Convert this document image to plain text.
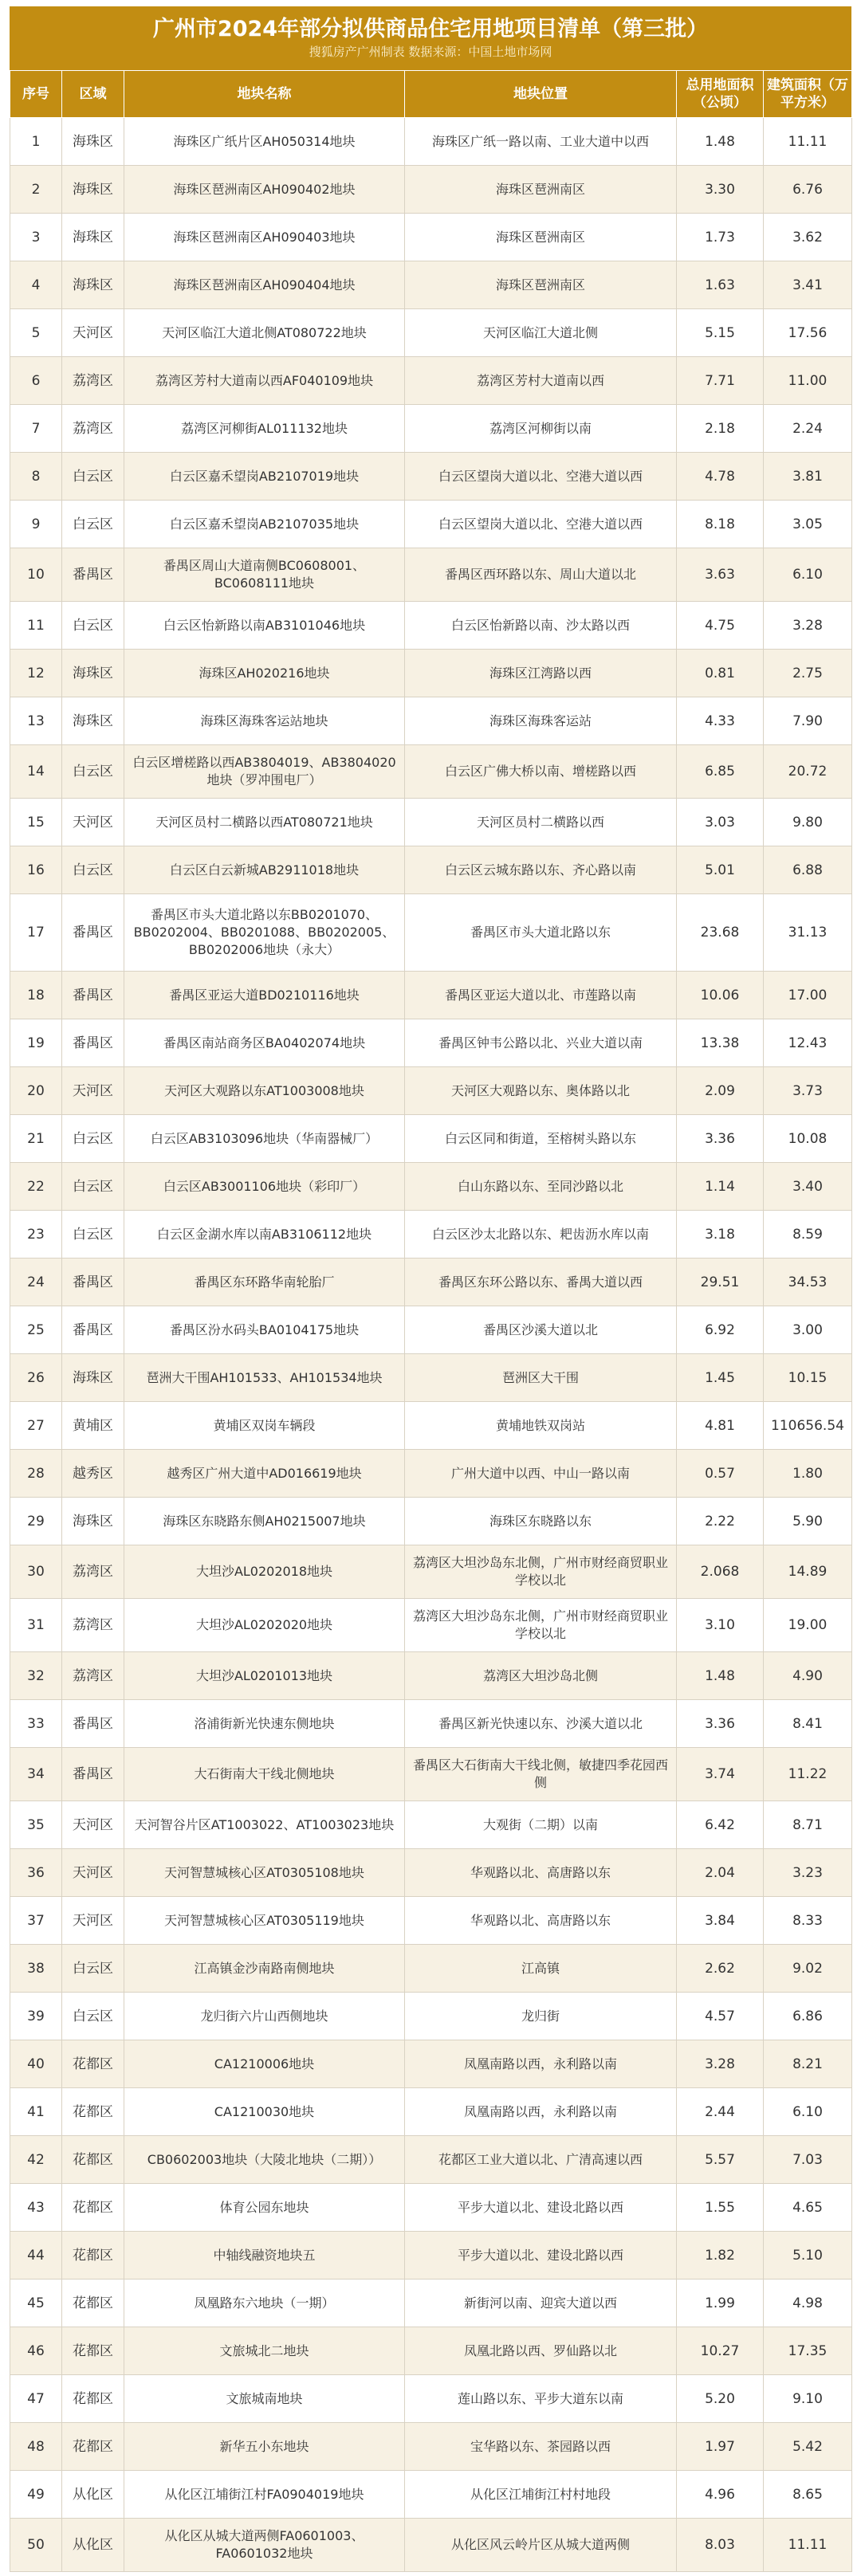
广州市2024年部分拟供商品住宅用地项目清单（第三批）
搜狐房产广州制表 数据来源：中国土地市场网
序号	区域	地块名称	地块位置	总用地面积（公顷）	建筑面积（万平方米）
1	海珠区	海珠区广纸片区AH050314地块	海珠区广纸一路以南、工业大道中以西	1.48	11.11
2	海珠区	海珠区琶洲南区AH090402地块	海珠区琶洲南区	3.30	6.76
3	海珠区	海珠区琶洲南区AH090403地块	海珠区琶洲南区	1.73	3.62
4	海珠区	海珠区琶洲南区AH090404地块	海珠区琶洲南区	1.63	3.41
5	天河区	天河区临江大道北侧AT080722地块	天河区临江大道北侧	5.15	17.56
6	荔湾区	荔湾区芳村大道南以西AF040109地块	荔湾区芳村大道南以西	7.71	11.00
7	荔湾区	荔湾区河柳街AL011132地块	荔湾区河柳街以南	2.18	2.24
8	白云区	白云区嘉禾望岗AB2107019地块	白云区望岗大道以北、空港大道以西	4.78	3.81
9	白云区	白云区嘉禾望岗AB2107035地块	白云区望岗大道以北、空港大道以西	8.18	3.05
10	番禺区	番禺区周山大道南侧BC0608001、BC0608111地块	番禺区西环路以东、周山大道以北	3.63	6.10
11	白云区	白云区怡新路以南AB3101046地块	白云区怡新路以南、沙太路以西	4.75	3.28
12	海珠区	海珠区AH020216地块	海珠区江湾路以西	0.81	2.75
13	海珠区	海珠区海珠客运站地块	海珠区海珠客运站	4.33	7.90
14	白云区	白云区增槎路以西AB3804019、AB3804020地块（罗冲围电厂）	白云区广佛大桥以南、增槎路以西	6.85	20.72
15	天河区	天河区员村二横路以西AT080721地块	天河区员村二横路以西	3.03	9.80
16	白云区	白云区白云新城AB2911018地块	白云区云城东路以东、齐心路以南	5.01	6.88
17	番禺区	番禺区市头大道北路以东BB0201070、BB0202004、BB0201088、BB0202005、BB0202006地块（永大）	番禺区市头大道北路以东	23.68	31.13
18	番禺区	番禺区亚运大道BD0210116地块	番禺区亚运大道以北、市莲路以南	10.06	17.00
19	番禺区	番禺区南站商务区BA0402074地块	番禺区钟韦公路以北、兴业大道以南	13.38	12.43
20	天河区	天河区大观路以东AT1003008地块	天河区大观路以东、奥体路以北	2.09	3.73
21	白云区	白云区AB3103096地块（华南器械厂）	白云区同和街道，至榕树头路以东	3.36	10.08
22	白云区	白云区AB3001106地块（彩印厂）	白山东路以东、至同沙路以北	1.14	3.40
23	白云区	白云区金湖水库以南AB3106112地块	白云区沙太北路以东、耙齿沥水库以南	3.18	8.59
24	番禺区	番禺区东环路华南轮胎厂	番禺区东环公路以东、番禺大道以西	29.51	34.53
25	番禺区	番禺区汾水码头BA0104175地块	番禺区沙溪大道以北	6.92	3.00
26	海珠区	琶洲大干围AH101533、AH101534地块	琶洲区大干围	1.45	10.15
27	黄埔区	黄埔区双岗车辆段	黄埔地铁双岗站	4.81	110656.54
28	越秀区	越秀区广州大道中AD016619地块	广州大道中以西、中山一路以南	0.57	1.80
29	海珠区	海珠区东晓路东侧AH0215007地块	海珠区东晓路以东	2.22	5.90
30	荔湾区	大坦沙AL0202018地块	荔湾区大坦沙岛东北侧，广州市财经商贸职业学校以北	2.068	14.89
31	荔湾区	大坦沙AL0202020地块	荔湾区大坦沙岛东北侧，广州市财经商贸职业学校以北	3.10	19.00
32	荔湾区	大坦沙AL0201013地块	荔湾区大坦沙岛北侧	1.48	4.90
33	番禺区	洛浦街新光快速东侧地块	番禺区新光快速以东、沙溪大道以北	3.36	8.41
34	番禺区	大石街南大干线北侧地块	番禺区大石街南大干线北侧，敏捷四季花园西侧	3.74	11.22
35	天河区	天河智谷片区AT1003022、AT1003023地块	大观街（二期）以南	6.42	8.71
36	天河区	天河智慧城核心区AT0305108地块	华观路以北、高唐路以东	2.04	3.23
37	天河区	天河智慧城核心区AT0305119地块	华观路以北、高唐路以东	3.84	8.33
38	白云区	江高镇金沙南路南侧地块	江高镇	2.62	9.02
39	白云区	龙归街六片山西侧地块	龙归街	4.57	6.86
40	花都区	CA1210006地块	凤凰南路以西，永利路以南	3.28	8.21
41	花都区	CA1210030地块	凤凰南路以西，永利路以南	2.44	6.10
42	花都区	CB0602003地块（大陵北地块（二期））	花都区工业大道以北、广清高速以西	5.57	7.03
43	花都区	体育公园东地块	平步大道以北、建设北路以西	1.55	4.65
44	花都区	中轴线融资地块五	平步大道以北、建设北路以西	1.82	5.10
45	花都区	凤凰路东六地块（一期）	新街河以南、迎宾大道以西	1.99	4.98
46	花都区	文旅城北二地块	凤凰北路以西、罗仙路以北	10.27	17.35
47	花都区	文旅城南地块	莲山路以东、平步大道东以南	5.20	9.10
48	花都区	新华五小东地块	宝华路以东、茶园路以西	1.97	5.42
49	从化区	从化区江埔街江村FA0904019地块	从化区江埔街江村村地段	4.96	8.65
50	从化区	从化区从城大道两侧FA0601003、FA0601032地块	从化区风云岭片区从城大道两侧	8.03	11.11
